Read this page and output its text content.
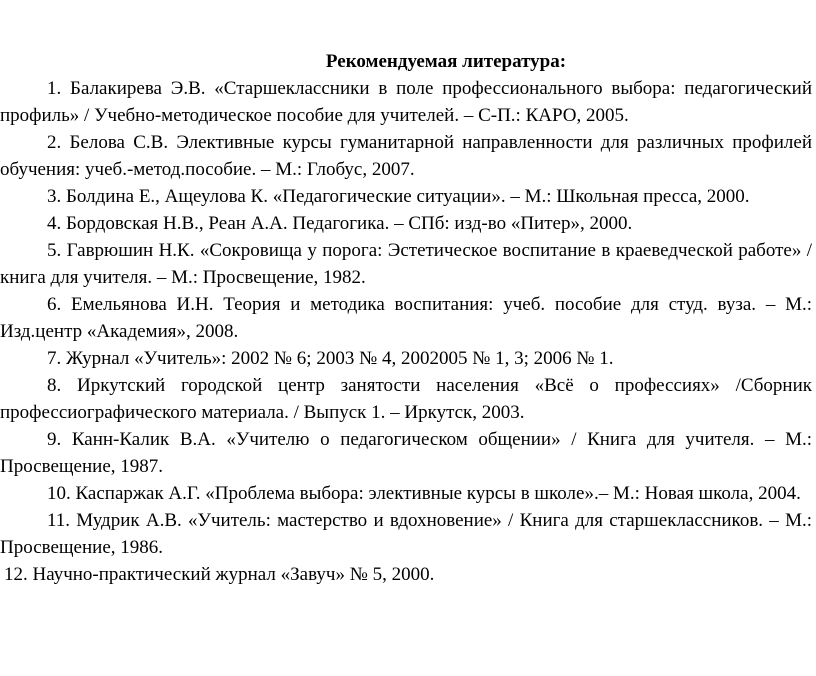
Рекомендуемая литература:

1. Балакирева Э.В. «Старшеклассники в поле профессионального выбора: педагогический профиль» / Учебно-методическое пособие для учителей. – С-П.: КАРО, 2005.

2. Белова С.В. Элективные курсы гуманитарной направленности для различных профилей обучения: учеб.-метод.пособие. – М.: Глобус, 2007.

3. Болдина Е., Ащеулова К. «Педагогические ситуации». – М.: Школьная пресса, 2000.

4. Бордовская Н.В., Реан А.А. Педагогика. – СПб: изд-во «Питер», 2000.

5. Гаврюшин Н.К. «Сокровища у порога: Эстетическое воспитание в краеведческой работе» / книга для учителя. – М.: Просвещение, 1982.

6. Емельянова И.Н. Теория и методика воспитания: учеб. пособие для студ. вуза. – М.: Изд.центр «Академия», 2008.

7. Журнал «Учитель»: 2002 № 6; 2003 № 4, 2002005 № 1, 3; 2006 № 1.

8. Иркутский городской центр занятости населения «Всё о профессиях» /Сборник профессиографического материала. / Выпуск 1. – Иркутск, 2003.

9. Канн-Калик В.А. «Учителю о педагогическом общении» / Книга для учителя. – М.: Просвещение, 1987.

10. Каспаржак А.Г. «Проблема выбора: элективные курсы в школе».– М.: Новая школа, 2004.

11. Мудрик А.В. «Учитель: мастерство и вдохновение» / Книга для старшеклассников. – М.: Просвещение, 1986.

12. Научно-практический журнал «Завуч» № 5, 2000.
